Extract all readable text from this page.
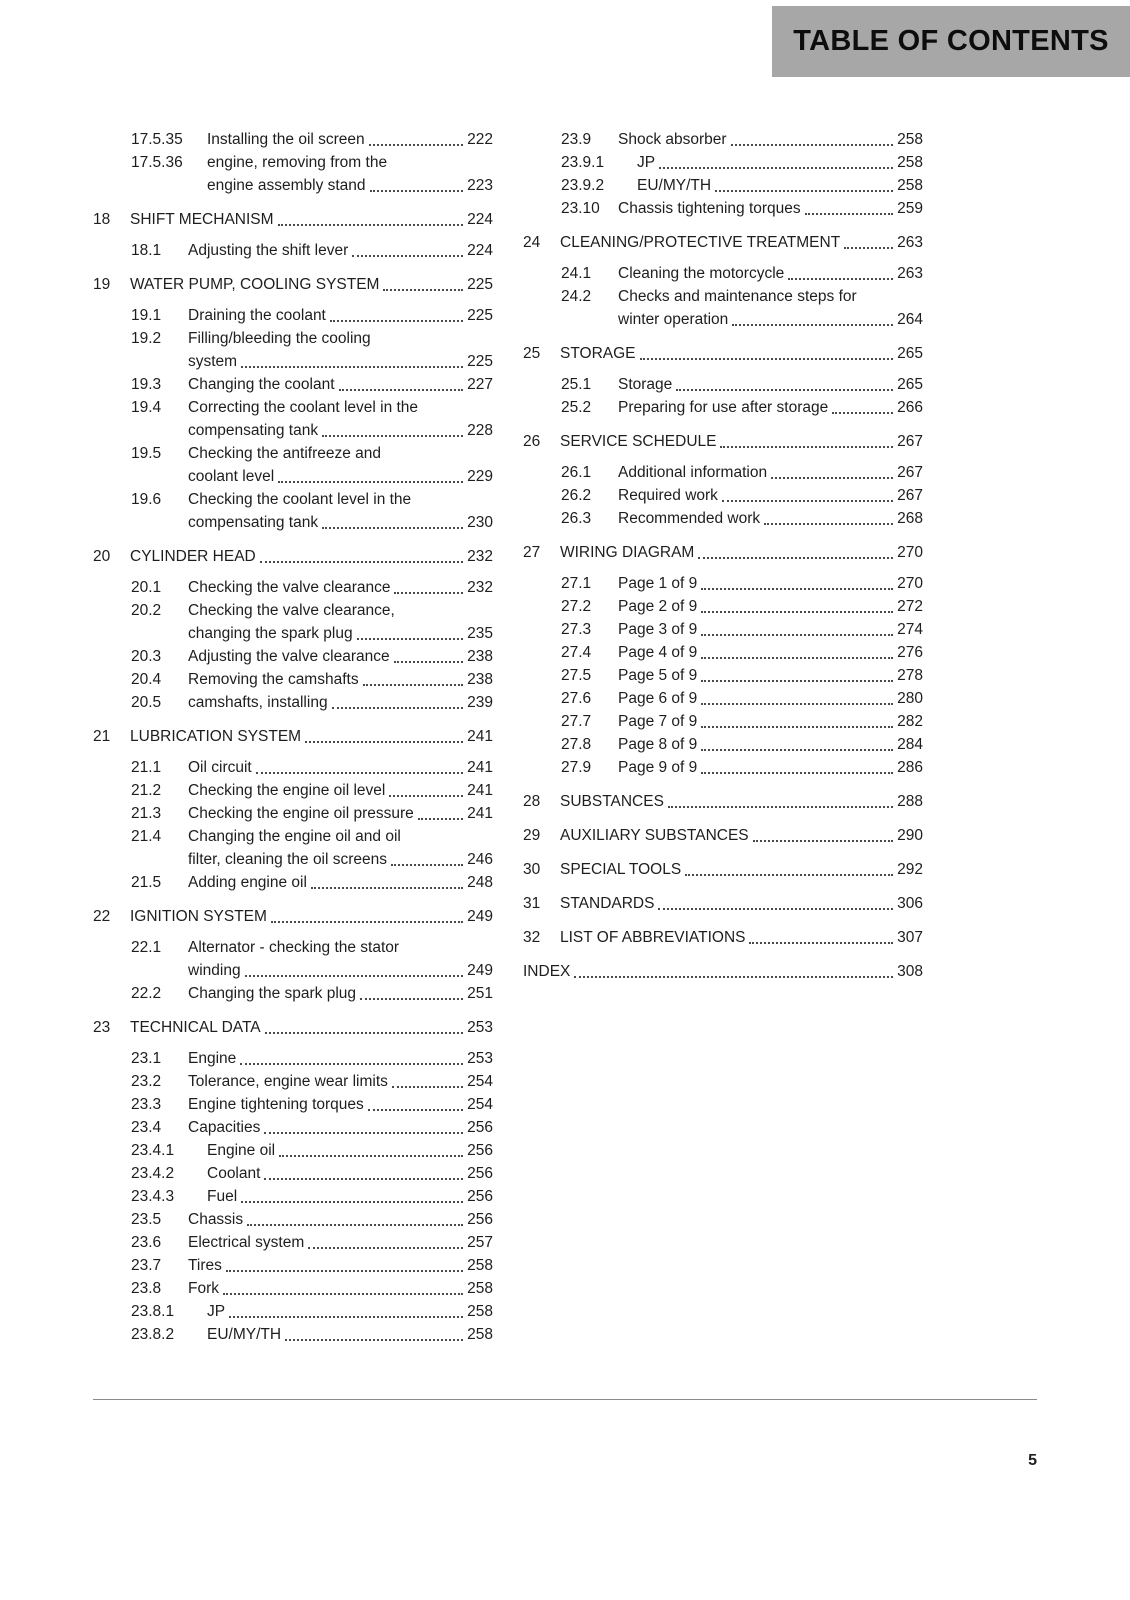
TABLE OF CONTENTS
17.5.35	Installing the oil screen	222
17.5.36	engine, removing from the
engine assembly stand	223
18	SHIFT MECHANISM	224
18.1	Adjusting the shift lever	224
19	WATER PUMP, COOLING SYSTEM	225
19.1	Draining the coolant	225
19.2	Filling/bleeding the cooling
system	225
19.3	Changing the coolant	227
19.4	Correcting the coolant level in the
compensating tank	228
19.5	Checking the antifreeze and
coolant level	229
19.6	Checking the coolant level in the
compensating tank	230
20	CYLINDER HEAD	232
20.1	Checking the valve clearance	232
20.2	Checking the valve clearance,
changing the spark plug	235
20.3	Adjusting the valve clearance	238
20.4	Removing the camshafts	238
20.5	camshafts, installing	239
21	LUBRICATION SYSTEM	241
21.1	Oil circuit	241
21.2	Checking the engine oil level	241
21.3	Checking the engine oil pressure	241
21.4	Changing the engine oil and oil
filter, cleaning the oil screens	246
21.5	Adding engine oil	248
22	IGNITION SYSTEM	249
22.1	Alternator - checking the stator
winding	249
22.2	Changing the spark plug	251
23	TECHNICAL DATA	253
23.1	Engine	253
23.2	Tolerance, engine wear limits	254
23.3	Engine tightening torques	254
23.4	Capacities	256
23.4.1	Engine oil	256
23.4.2	Coolant	256
23.4.3	Fuel	256
23.5	Chassis	256
23.6	Electrical system	257
23.7	Tires	258
23.8	Fork	258
23.8.1	JP	258
23.8.2	EU/MY/TH	258
23.9	Shock absorber	258
23.9.1	JP	258
23.9.2	EU/MY/TH	258
23.10	Chassis tightening torques	259
24	CLEANING/PROTECTIVE TREATMENT	263
24.1	Cleaning the motorcycle	263
24.2	Checks and maintenance steps for
winter operation	264
25	STORAGE	265
25.1	Storage	265
25.2	Preparing for use after storage	266
26	SERVICE SCHEDULE	267
26.1	Additional information	267
26.2	Required work	267
26.3	Recommended work	268
27	WIRING DIAGRAM	270
27.1	Page 1 of 9	270
27.2	Page 2 of 9	272
27.3	Page 3 of 9	274
27.4	Page 4 of 9	276
27.5	Page 5 of 9	278
27.6	Page 6 of 9	280
27.7	Page 7 of 9	282
27.8	Page 8 of 9	284
27.9	Page 9 of 9	286
28	SUBSTANCES	288
29	AUXILIARY SUBSTANCES	290
30	SPECIAL TOOLS	292
31	STANDARDS	306
32	LIST OF ABBREVIATIONS	307
INDEX	308
5
